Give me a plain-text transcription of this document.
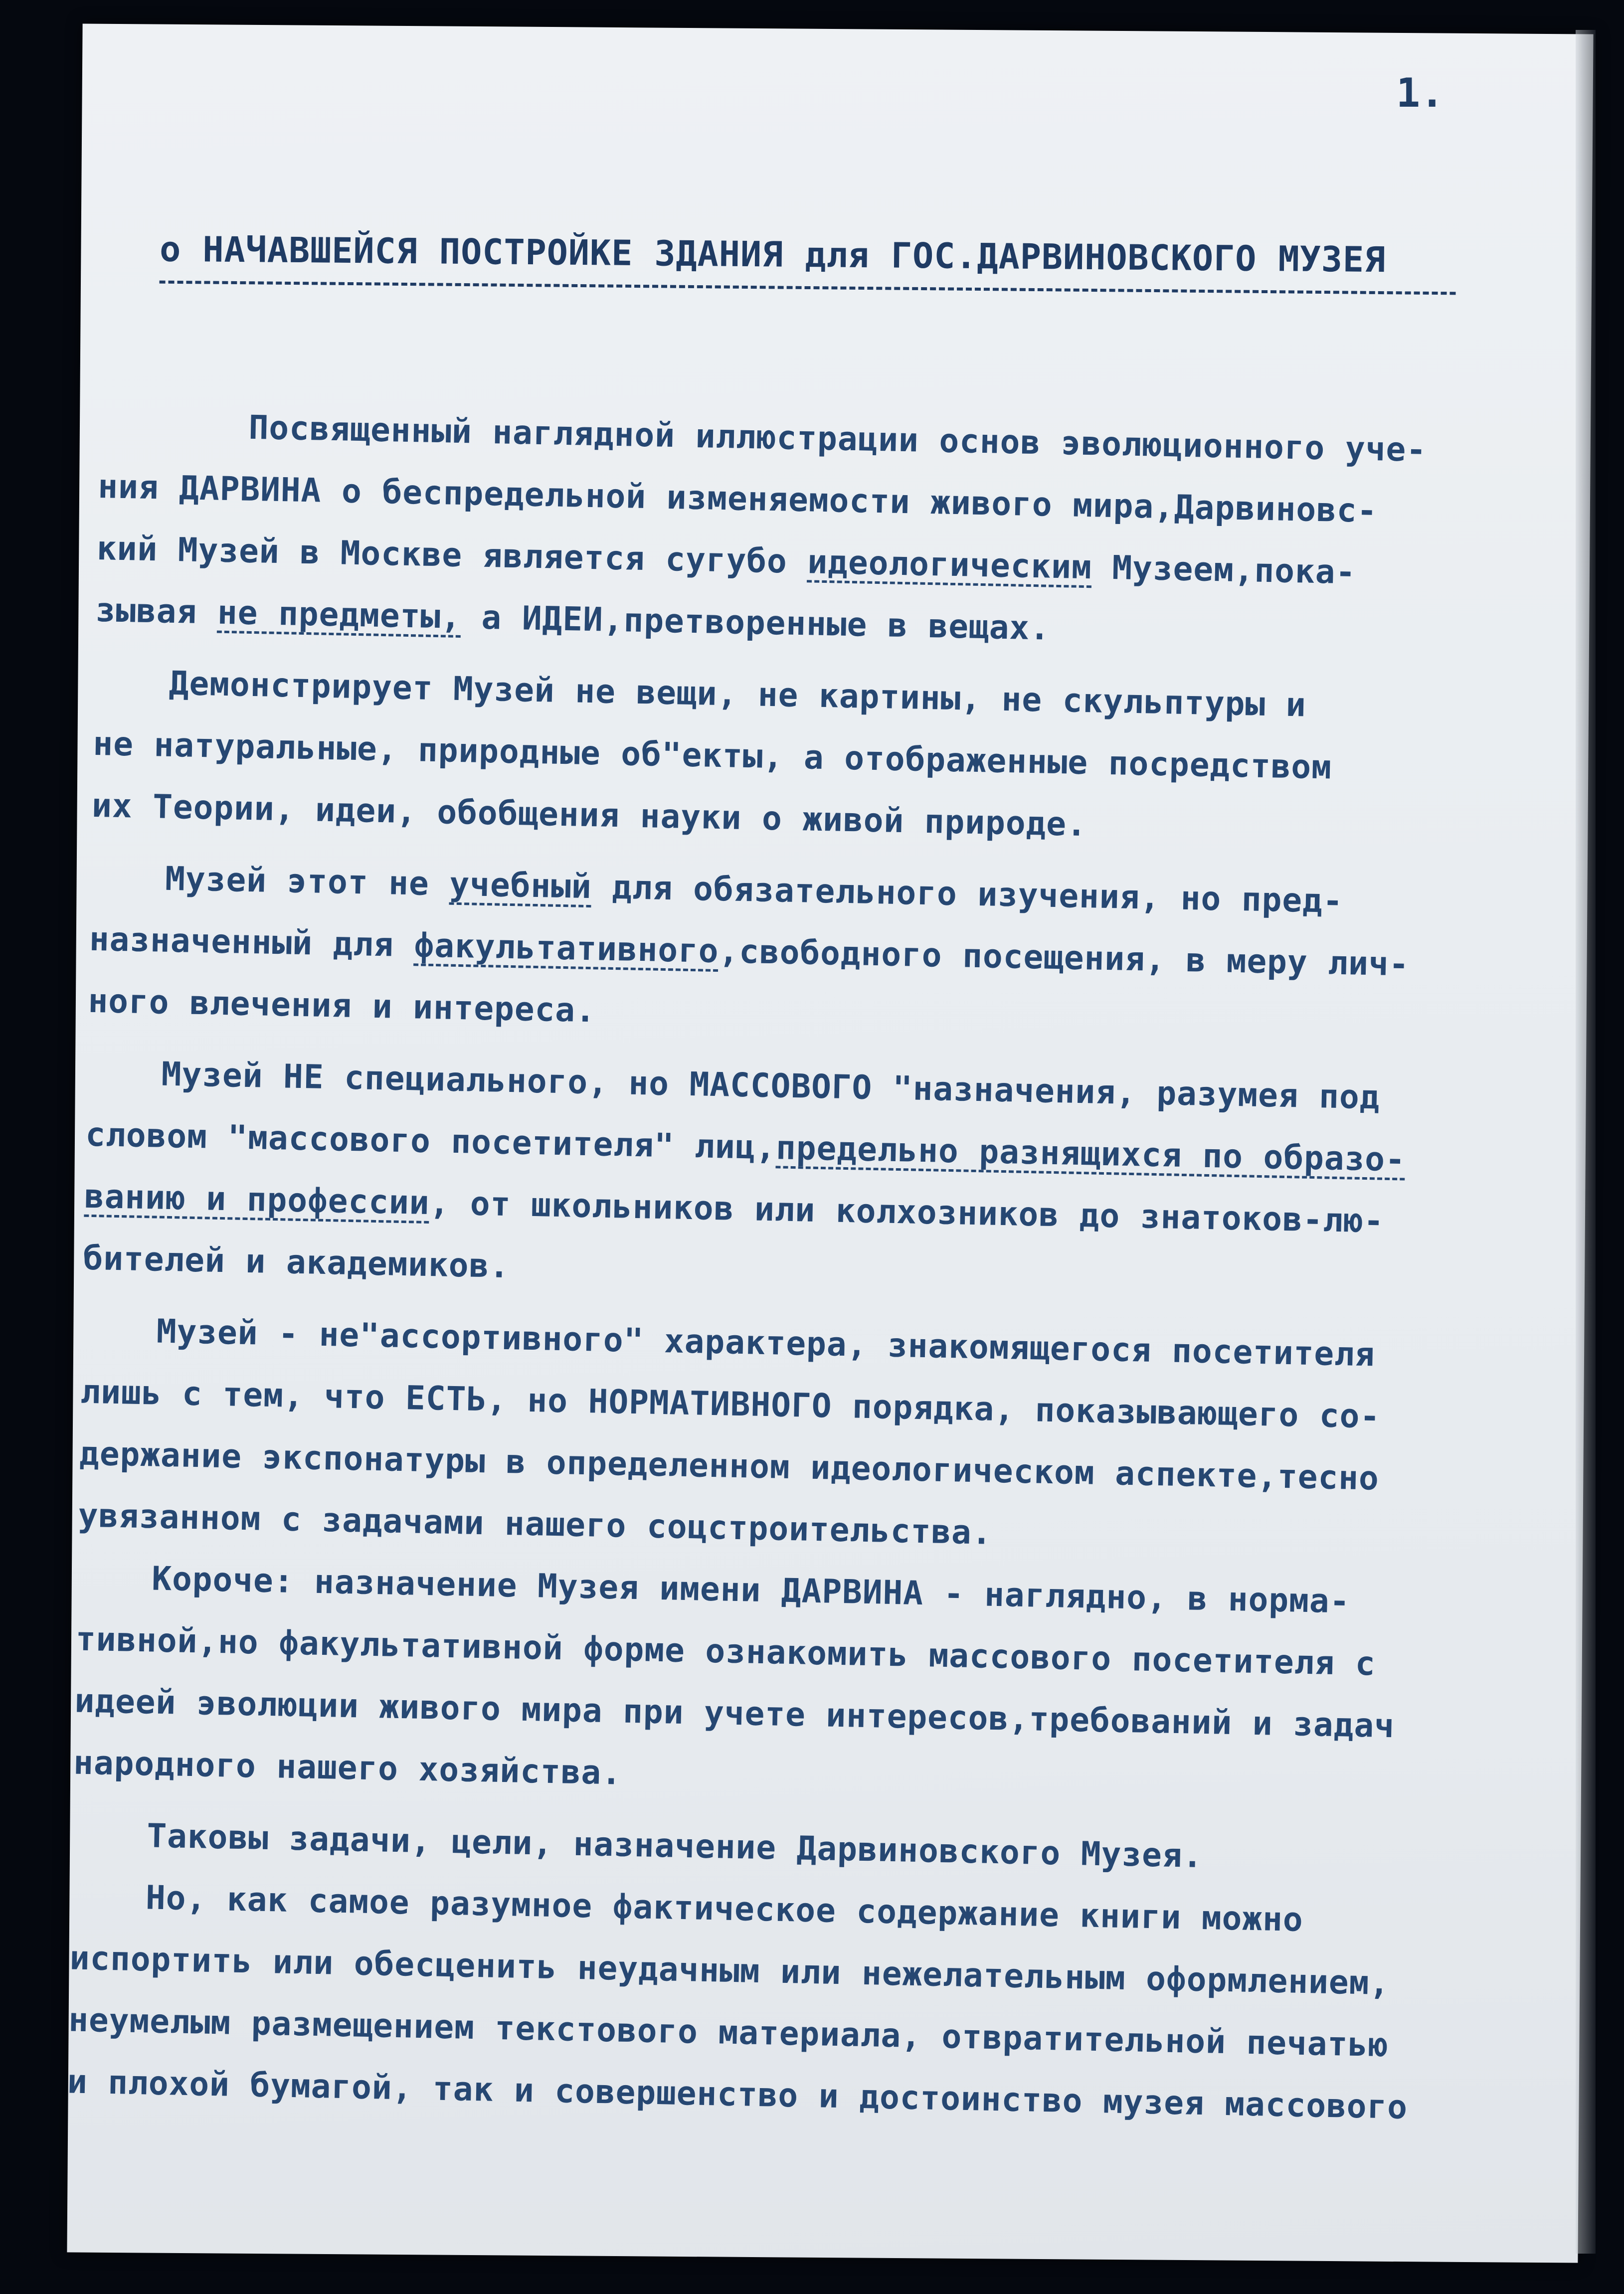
1.
о НАЧАВШЕЙСЯ ПОСТРОЙКЕ ЗДАНИЯ для ГОС.ДАРВИНОВСКОГО МУЗЕЯ
Посвященный наглядной иллюстрации основ эволюционного уче-
ния ДАРВИНА о беспредельной изменяемости живого мира,Дарвиновс-
кий Музей в Москве является сугубо идеологическим Музеем,пока-
зывая не предметы, а ИДЕИ,претворенные в вещах.
Демонстрирует Музей не вещи, не картины, не скульптуры и
не натуральные, природные об"екты, а отображенные посредством
их Теории, идеи, обобщения науки о живой природе.
Музей этот не учебный для обязательного изучения, но пред-
назначенный для факультативного,свободного посещения, в меру лич-
ного влечения и интереса.
Музей НЕ специального, но МАССОВОГО "назначения, разумея под
словом "массового посетителя" лиц,предельно разнящихся по образо-
ванию и профессии, от школьников или колхозников до знатоков-лю-
бителей и академиков.
Музей - не"ассортивного" характера, знакомящегося посетителя
лишь с тем, что ЕСТЬ, но НОРМАТИВНОГО порядка, показывающего со-
держание экспонатуры в определенном идеологическом аспекте,тесно
увязанном с задачами нашего соцстроительства.
Короче: назначение Музея имени ДАРВИНА - наглядно, в норма-
тивной,но факультативной форме ознакомить массового посетителя с
идеей эволюции живого мира при учете интересов,требований и задач
народного нашего хозяйства.
Таковы задачи, цели, назначение Дарвиновского Музея.
Но, как самое разумное фактическое содержание книги можно
испортить или обесценить неудачным или нежелательным оформлением,
неумелым размещением текстового материала, отвратительной печатью
и плохой бумагой, так и совершенство и достоинство музея массового
